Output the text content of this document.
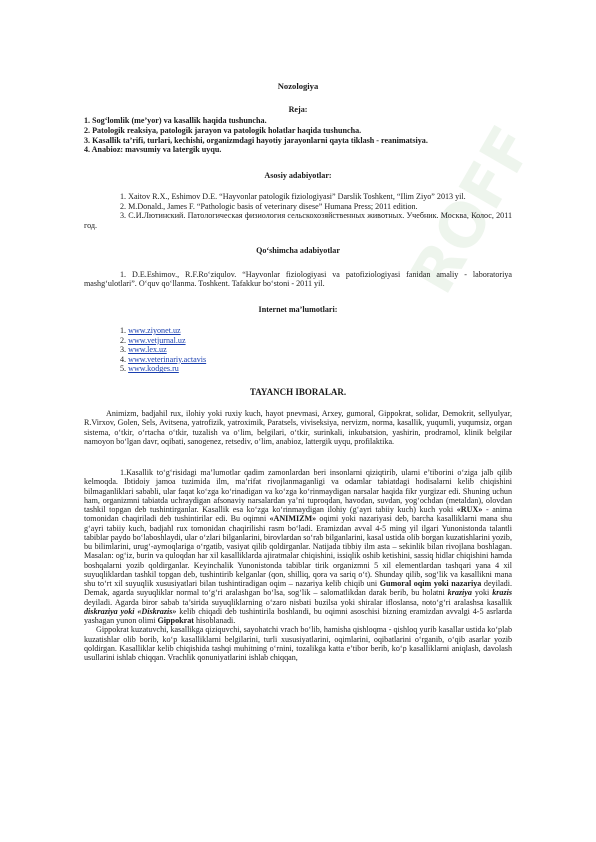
ROFF
Nozologiya
Reja:
1. Sog‘lomlik (me’yor) va kasallik haqida tushuncha.
2. Patologik reaksiya, patologik jarayon va patologik holatlar haqida tushuncha.
3. Kasallik ta’rifi, turlari, kechishi, organizmdagi hayotiy jarayonlarni qayta tiklash - reanimatsiya.
4. Anabioz: mavsumiy va latergik uyqu.
Asosiy adabiyotlar:

1. Xaitov R.X., Eshimov D.E. “Hayvonlar patologik fiziologiyasi” Darslik Toshkent, “Ilim Ziyo” 2013 yil.

2. M.Donald., James F. “Pathologic basis of veterinary disese” Humana Press; 2011 edition.

3. С.И.Лютинский. Патологическая физиология сельскохозяйственных животных. Учебник. Москва, Колос, 2011 год.

Qo‘shimcha adabiyotlar

1. D.E.Eshimov., R.F.Ro‘ziqulov. “Hayvonlar fiziologiyasi va patofiziologiyasi fanidan amaliy - laboratoriya mashg‘ulotlari”. O‘quv qo‘llanma. Toshkent. Tafakkur bo‘stoni - 2011 yil.

Internet ma’lumotlari:
1. www.ziyonet.uz
2. www.vetjurnal.uz
3. www.lex.uz
4. www.veterinariy.actavis
5. www.kodges.ru
TAYANCH IBORALAR.

Animizm, badjahil rux, ilohiy yoki ruxiy kuch, hayot pnevmasi, Arxey, gumoral, Gippokrat, solidar, Demokrit, sellyulyar, R.Virxov, Golen, Sels, Avitsena, yatrofizik, yatroximik, Paratsels, viviseksiya, nervizm, norma, kasallik, yuqumli, yuqumsiz, organ sistema, o‘tkir, o‘rtacha o‘tkir, tuzalish va o‘lim, belgilari, o‘tkir, surinkali, inkubatsion, yashirin, prodramol, klinik belgilar namoyon bo‘lgan davr, oqibati, sanogenez, retsediv, o‘lim, anabioz, lattergik uyqu, profilaktika.

1.Kasallik to‘g‘risidagi ma’lumotlar qadim zamonlardan beri insonlarni qiziqtirib, ularni e’tiborini o‘ziga jalb qilib kelmoqda. Ibtidoiy jamoa tuzimida ilm, ma’rifat rivojlanmaganligi va odamlar tabiatdagi hodisalarni kelib chiqishini bilmaganliklari sababli, ular faqat ko‘zga ko‘rinadigan va ko‘zga ko‘rinmaydigan narsalar haqida fikr yurgizar edi. Shuning uchun ham, organizmni tabiatda uchraydigan afsonaviy narsalardan ya’ni tuproqdan, havodan, suvdan, yog‘ochdan (metaldan), olovdan tashkil topgan deb tushintirganlar. Kasallik esa ko‘zga ko‘rinmaydigan ilohiy (g‘ayri tabiiy kuch) kuch yoki «RUX» - anima tomonidan chaqiriladi deb tushintirilar edi. Bu oqimni «ANIMIZM» oqimi yoki nazariyasi deb, barcha kasalliklarni mana shu g‘ayri tabiiy kuch, badjahl rux tomonidan chaqirilishi rasm bo‘ladi. Eramizdan avval 4-5 ming yil ilgari Yunonistonda talantli tabiblar paydo bo‘laboshlaydi, ular o‘zlari bilganlarini, birovlardan so‘rab bilganlarini, kasal ustida olib borgan kuzatishlarini yozib, bu bilimlarini, urug‘-aymoqlariga o‘rgatib, vasiyat qilib qoldirganlar. Natijada tibbiy ilm asta – sekinlik bilan rivojlana boshlagan. Masalan: og‘iz, burin va quloqdan har xil kasalliklarda ajiratmalar chiqishini, issiqlik oshib ketishini, sassiq hidlar chiqishini hamda boshqalarni yozib qoldirganlar. Keyinchalik Yunonistonda tabiblar tirik organizmni 5 xil elementlardan tashqari yana 4 xil suyuqliklardan tashkil topgan deb, tushintirib kelganlar (qon, shilliq, qora va sariq o‘t). Shunday qilib, sog‘lik va kasallikni mana shu to‘rt xil suyuqlik xususiyatlari bilan tushintiradigan oqim – nazariya kelib chiqib uni Gumoral oqim yoki nazariya deyiladi. Demak, agarda suyuqliklar normal to‘g‘ri aralashgan bo‘lsa, sog‘lik – salomatlikdan darak berib, bu holatni kraziya yoki krazis deyiladi. Agarda biror sabab ta’sirida suyuqliklarning o‘zaro nisbati buzilsa yoki shiralar ifloslansa, noto‘g‘ri aralashsa kasallik diskraziya yoki «Diskrazis» kelib chiqadi deb tushintirila boshlandi, bu oqimni asoschisi bizning eramizdan avvalgi 4-5 asrlarda yashagan yunon olimi Gippokrat hisoblanadi.

Gippokrat kuzatuvchi, kasallikga qiziquvchi, sayohatchi vrach bo‘lib, hamisha qishloqma - qishloq yurib kasallar ustida ko‘plab kuzatishlar olib borib, ko‘p kasalliklarni belgilarini, turli xususiyatlarini, oqimlarini, oqibatlarini o‘rganib, o‘qib asarlar yozib qoldirgan. Kasalliklar kelib chiqishida tashqi muhitning o‘rnini, tozalikga katta e’tibor berib, ko‘p kasalliklarni aniqlash, davolash usullarini ishlab chiqqan. Vrachlik qonuniyatlarini ishlab chiqqan,
